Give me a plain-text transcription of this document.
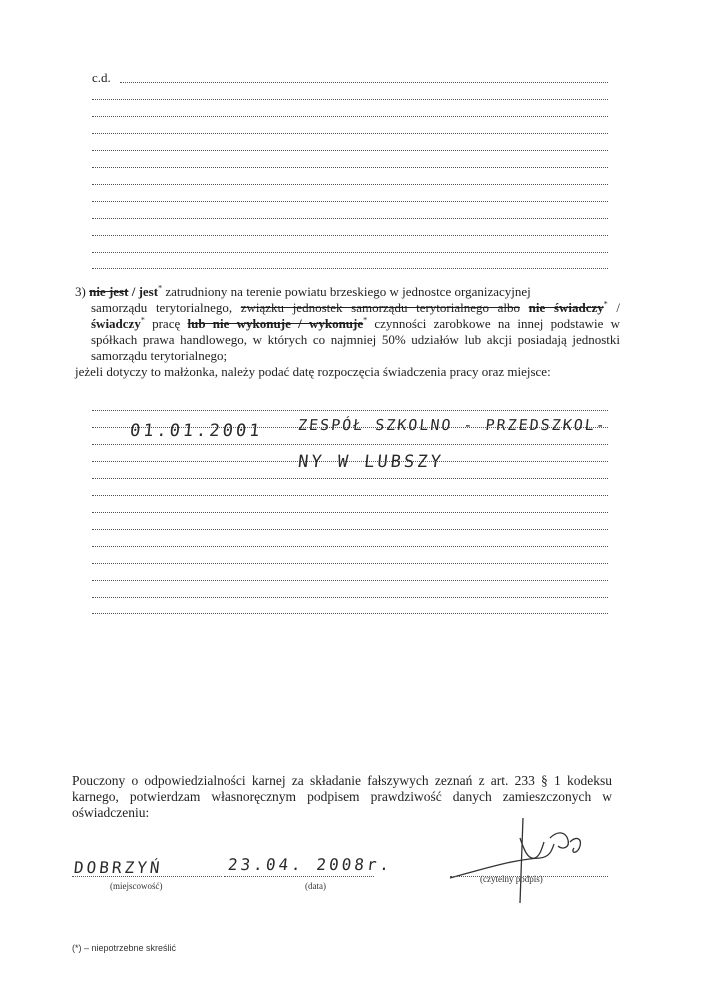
c.d.
3) nie jest / jest* zatrudniony na terenie powiatu brzeskiego w jednostce organizacyjnej
samorządu terytorialnego, związku jednostek samorządu terytorialnego albo nie świadczy* / świadczy* pracę lub nie wykonuje / wykonuje* czynności zarobkowe na innej podstawie w spółkach prawa handlowego, w których co najmniej 50% udziałów lub akcji posiadają jednostki samorządu terytorialnego;
jeżeli dotyczy to małżonka, należy podać datę rozpoczęcia świadczenia pracy oraz miejsce:
01.01.2001 ZESPÓŁ SZKOLNO - PRZEDSZKOL-
NY W LUBSZY
Pouczony o odpowiedzialności karnej za składanie fałszywych zeznań z art. 233 § 1 kodeksu karnego, potwierdzam własnoręcznym podpisem prawdziwość danych zamieszczonych w oświadczeniu:
DOBRZYŃ
(miejscowość)
23.04. 2008r.
(data)
(czytelny podpis)
(*) – niepotrzebne skreślić
